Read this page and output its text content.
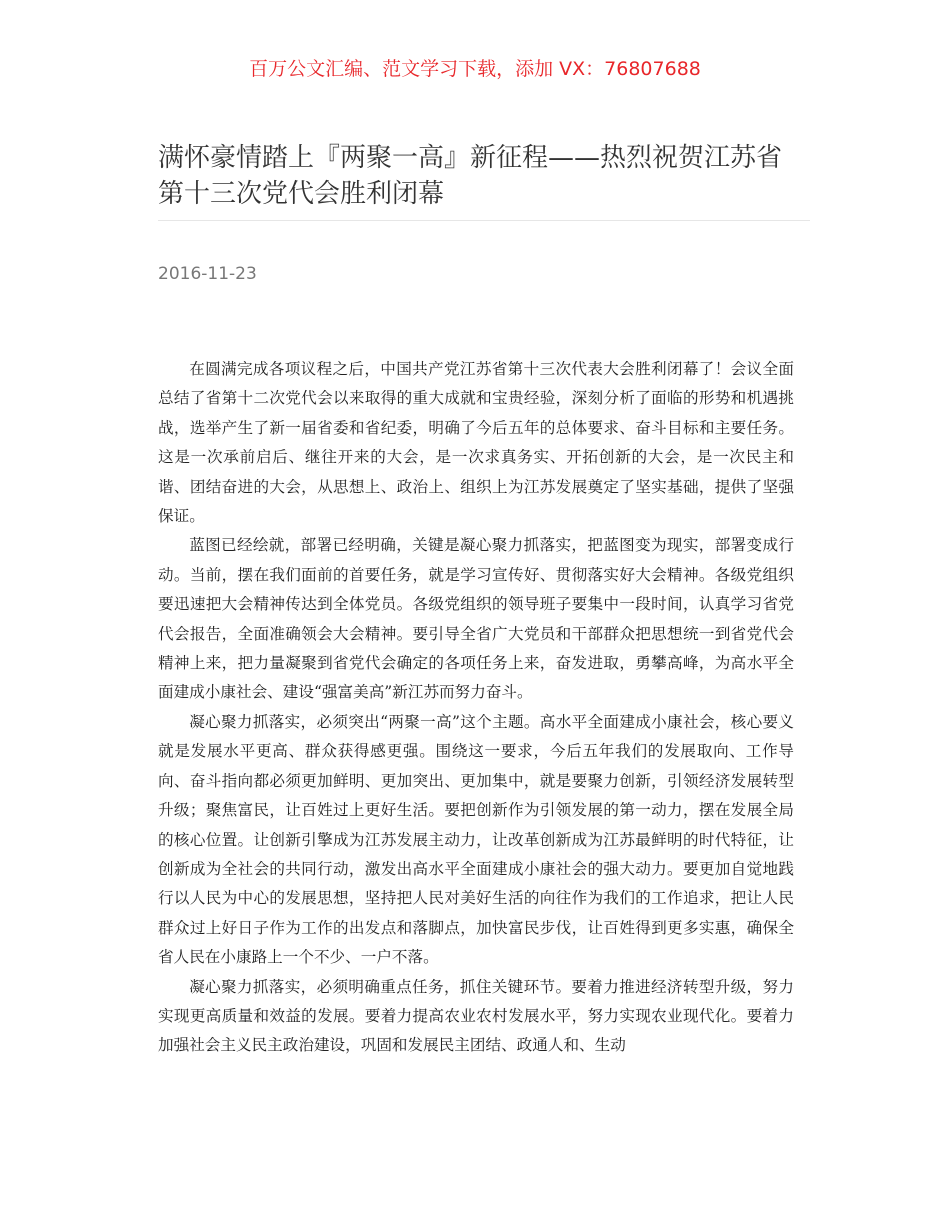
百万公文汇编、范文学习下载，添加 VX：76807688
满怀豪情踏上『两聚一高』新征程——热烈祝贺江苏省第十三次党代会胜利闭幕
2016-11-23

在圆满完成各项议程之后，中国共产党江苏省第十三次代表大会胜利闭幕了！会议全面总结了省第十二次党代会以来取得的重大成就和宝贵经验，深刻分析了面临的形势和机遇挑战，选举产生了新一届省委和省纪委，明确了今后五年的总体要求、奋斗目标和主要任务。这是一次承前启后、继往开来的大会，是一次求真务实、开拓创新的大会，是一次民主和谐、团结奋进的大会，从思想上、政治上、组织上为江苏发展奠定了坚实基础，提供了坚强保证。

蓝图已经绘就，部署已经明确，关键是凝心聚力抓落实，把蓝图变为现实，部署变成行动。当前，摆在我们面前的首要任务，就是学习宣传好、贯彻落实好大会精神。各级党组织要迅速把大会精神传达到全体党员。各级党组织的领导班子要集中一段时间，认真学习省党代会报告，全面准确领会大会精神。要引导全省广大党员和干部群众把思想统一到省党代会精神上来，把力量凝聚到省党代会确定的各项任务上来，奋发进取，勇攀高峰，为高水平全面建成小康社会、建设“强富美高”新江苏而努力奋斗。

凝心聚力抓落实，必须突出“两聚一高”这个主题。高水平全面建成小康社会，核心要义就是发展水平更高、群众获得感更强。围绕这一要求，今后五年我们的发展取向、工作导向、奋斗指向都必须更加鲜明、更加突出、更加集中，就是要聚力创新，引领经济发展转型升级；聚焦富民，让百姓过上更好生活。要把创新作为引领发展的第一动力，摆在发展全局的核心位置。让创新引擎成为江苏发展主动力，让改革创新成为江苏最鲜明的时代特征，让创新成为全社会的共同行动，激发出高水平全面建成小康社会的强大动力。要更加自觉地践行以人民为中心的发展思想，坚持把人民对美好生活的向往作为我们的工作追求，把让人民群众过上好日子作为工作的出发点和落脚点，加快富民步伐，让百姓得到更多实惠，确保全省人民在小康路上一个不少、一户不落。

凝心聚力抓落实，必须明确重点任务，抓住关键环节。要着力推进经济转型升级，努力实现更高质量和效益的发展。要着力提高农业农村发展水平，努力实现农业现代化。要着力加强社会主义民主政治建设，巩固和发展民主团结、政通人和、生动
